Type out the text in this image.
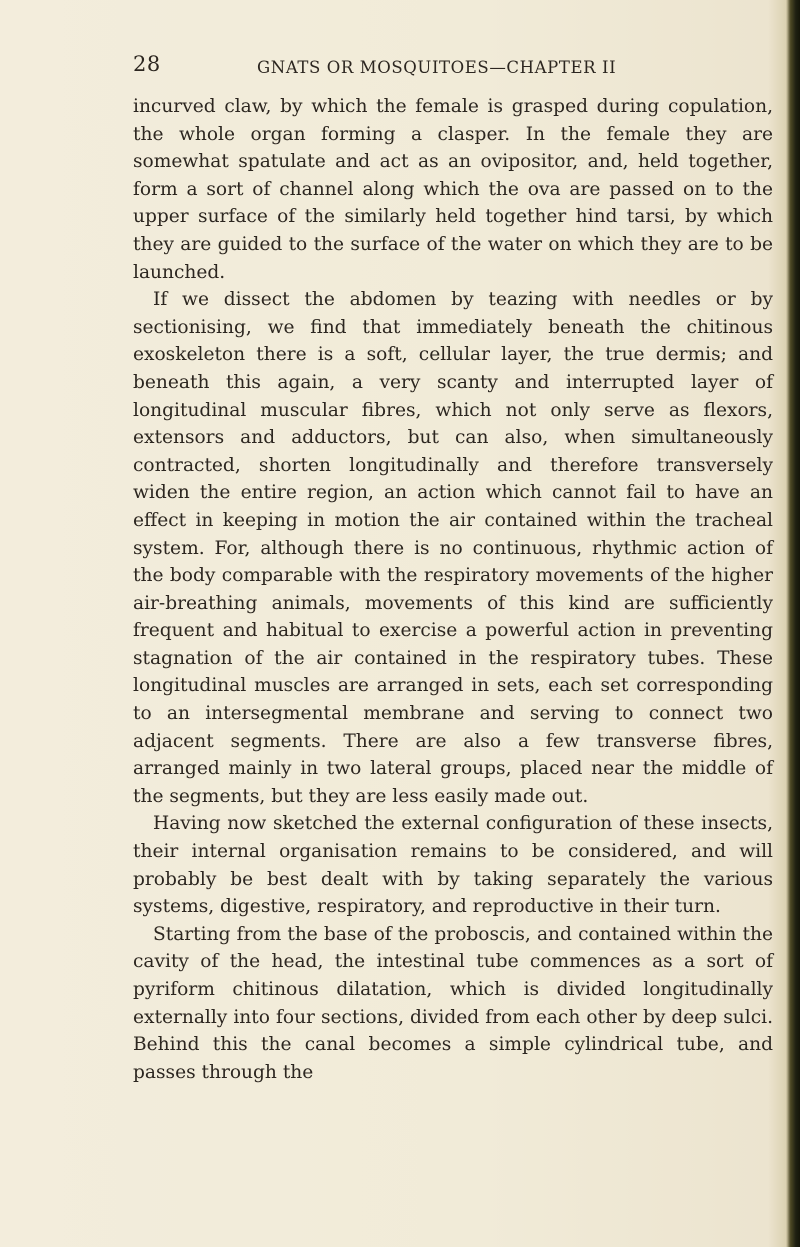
28	GNATS OR MOSQUITOES—CHAPTER II

incurved claw, by which the female is grasped during copulation, the whole organ forming a clasper. In the female they are somewhat spatulate and act as an ovipositor, and, held together, form a sort of channel along which the ova are passed on to the upper surface of the similarly held together hind tarsi, by which they are guided to the surface of the water on which they are to be launched.

If we dissect the abdomen by teazing with needles or by sectionising, we find that immediately beneath the chitinous exoskeleton there is a soft, cellular layer, the true dermis; and beneath this again, a very scanty and interrupted layer of longitudinal muscular fibres, which not only serve as flexors, extensors and adductors, but can also, when simultaneously contracted, shorten longitudinally and therefore transversely widen the entire region, an action which cannot fail to have an effect in keeping in motion the air contained within the tracheal system. For, although there is no continuous, rhythmic action of the body comparable with the respiratory movements of the higher air-breathing animals, movements of this kind are sufficiently frequent and habitual to exercise a powerful action in preventing stagnation of the air contained in the respiratory tubes. These longitudinal muscles are arranged in sets, each set corresponding to an intersegmental membrane and serving to connect two adjacent segments. There are also a few transverse fibres, arranged mainly in two lateral groups, placed near the middle of the segments, but they are less easily made out.

Having now sketched the external configuration of these insects, their internal organisation remains to be considered, and will probably be best dealt with by taking separately the various systems, digestive, respiratory, and reproductive in their turn.

Starting from the base of the proboscis, and contained within the cavity of the head, the intestinal tube commences as a sort of pyriform chitinous dilatation, which is divided longitudinally externally into four sections, divided from each other by deep sulci. Behind this the canal becomes a simple cylindrical tube, and passes through the
